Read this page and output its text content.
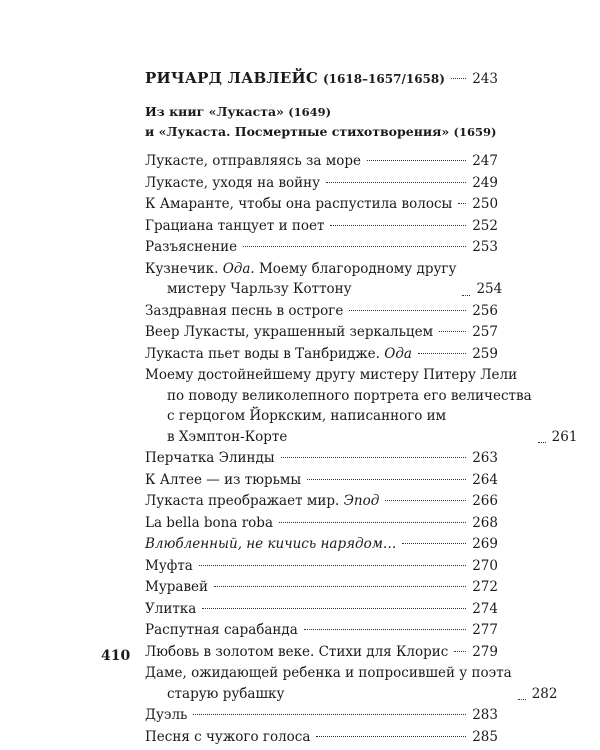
410
РИЧАРД ЛАВЛЕЙС (1618–1657/1658) 243
Из книг «Лукаста» (1649)
и «Лукаста. Посмертные стихотворения» (1659)
Лукасте, отправляясь за море	247
Лукасте, уходя на войну	249
К Амаранте, чтобы она распустила волосы 250
Грациана танцует и поет	252
Разъяснение	253
Кузнечик. Ода. Моему благородному другу
мистеру Чарльзу Коттону	254
Заздравная песнь в остроге	256
Веер Лукасты, украшенный зеркальцем	257
Лукаста пьет воды в Танбридже. Ода	259
Моему достойнейшему другу мистеру Питеру Лели
по поводу великолепного портрета его величества
с герцогом Йоркским, написанного им
в Хэмптон-Корте	261
Перчатка Элинды	263
К Алтее — из тюрьмы	264
Лукаста преображает мир. Эпод	266
La bella bona roba	268
Влюбленный, не кичись нарядом…	269
Муфта	270
Муравей	272
Улитка	274
Распутная сарабанда	277
Любовь в золотом веке. Стихи для Клорис 279
Даме, ожидающей ребенка и попросившей у поэта
старую рубашку	282
Дуэль	283
Песня с чужого голоса	285
